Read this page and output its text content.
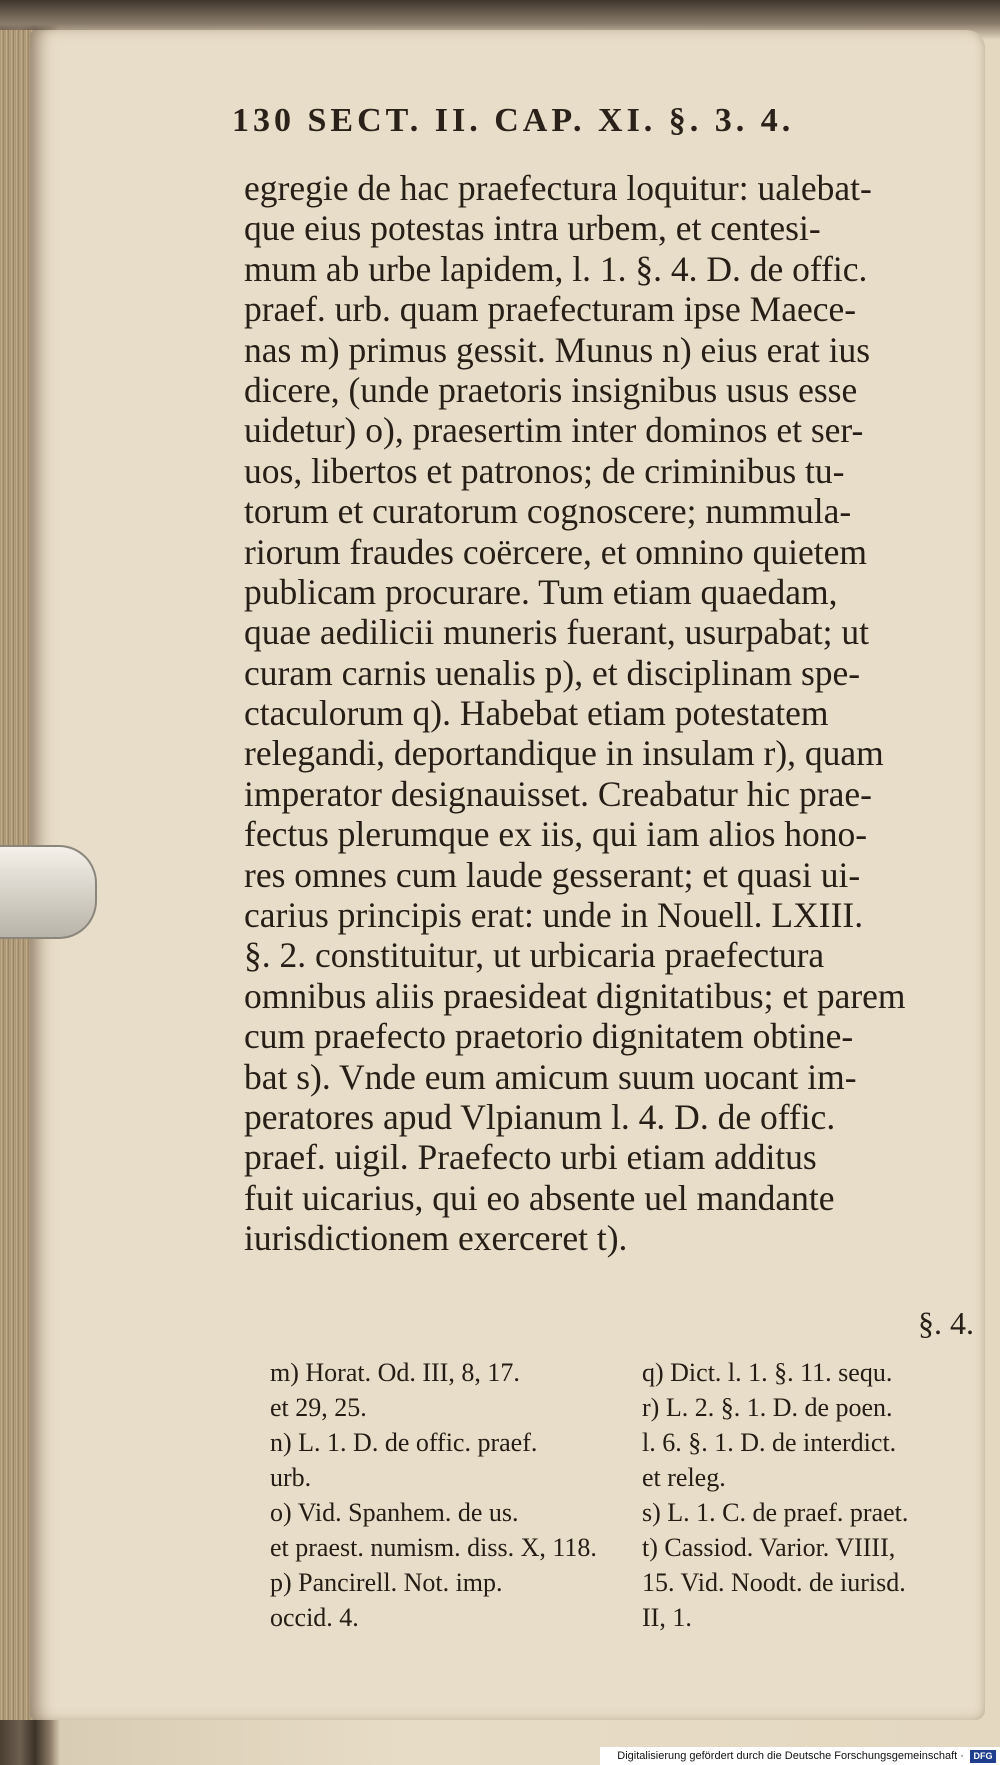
130 SECT. II. CAP. XI. §. 3. 4.
egregie de hac praefectura loquitur: ualebat-
que eius potestas intra urbem, et centesi-
mum ab urbe lapidem, l. 1. §. 4. D. de offic.
praef. urb. quam praefecturam ipse Maece-
nas m) primus gessit. Munus n) eius erat ius
dicere, (unde praetoris insignibus usus esse
uidetur) o), praesertim inter dominos et ser-
uos, libertos et patronos; de criminibus tu-
torum et curatorum cognoscere; nummula-
riorum fraudes coërcere, et omnino quietem
publicam procurare. Tum etiam quaedam,
quae aedilicii muneris fuerant, usurpabat; ut
curam carnis uenalis p), et disciplinam spe-
ctaculorum q). Habebat etiam potestatem
relegandi, deportandique in insulam r), quam
imperator designauisset. Creabatur hic prae-
fectus plerumque ex iis, qui iam alios hono-
res omnes cum laude gesserant; et quasi ui-
carius principis erat: unde in Nouell. LXIII.
§. 2. constituitur, ut urbicaria praefectura
omnibus aliis praesideat dignitatibus; et parem
cum praefecto praetorio dignitatem obtine-
bat s). Vnde eum amicum suum uocant im-
peratores apud Vlpianum l. 4. D. de offic.
praef. uigil. Praefecto urbi etiam additus
fuit uicarius, qui eo absente uel mandante
iurisdictionem exerceret t).
§. 4.
m) Horat. Od. III, 8, 17.
et 29, 25.
n) L. 1. D. de offic. praef.
urb.
o) Vid. Spanhem. de us.
et praest. numism. diss. X, 118.
p) Pancirell. Not. imp.
occid. 4.
q) Dict. l. 1. §. 11. sequ.
r) L. 2. §. 1. D. de poen.
l. 6. §. 1. D. de interdict.
et releg.
s) L. 1. C. de praef. praet.
t) Cassiod. Varior. VIIII,
15. Vid. Noodt. de iurisd.
II, 1.
Digitalisierung gefördert durch die Deutsche Forschungsgemeinschaft · DFG
